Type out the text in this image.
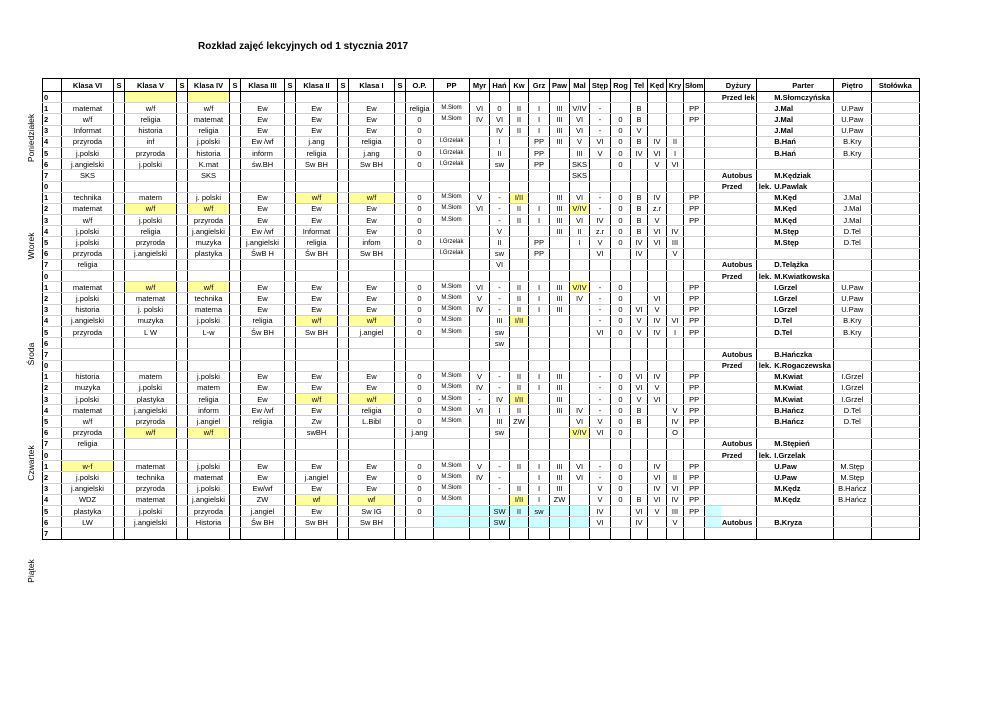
Rozkład zajęć lekcyjnych od 1 stycznia 2017
Poniedziałek
Wtorek
Środa
Czwartek
Piątek
	Klasa VI	S	Klasa V	S	Klasa IV	S	Klasa III	S	Klasa II	S	Klasa I	S	O.P.	PP	Myr	Hań	Kw	Grz	Paw	Mal	Stęp	Rog	Tel	Kęd	Kry	Słom		Dyżury		Parter	Piętro	Stołówka
0																												Przed lek		M.Słomczyńska		
1	matemat		w/f		w/f		Ew		Ew		Ew		religia	M.Słom	VI	0	II	I	III	V/IV	-		B			PP				J.Mal	U.Paw	
2	w/f		religia		matemat		Ew		Ew		Ew		0	M.Słom	IV	VI	II	I	III	VI	-	0	B			PP				J.Mal	U.Paw	
3	Informat		historia		religia		Ew		Ew		Ew		0			IV	II	I	III	VI	-	0	V							J.Mal	U.Paw	
4	przyroda		inf		j.polski		Ew /wf		j.ang		religia		0	I.Grzelak		I		PP	III	V	VI	0	B	IV	II					B.Hań	B.Kry	
5	j.polski		przyroda		historia		inform		religia		j.ang		0	I.Grzelak		II		PP		III	V	0	IV	VI	I					B.Hań	B.Kry	
6	j.angielski		j.polski		K.mat		św.BH		Sw BH		Sw BH		0	I.Grzelak		sw		PP		SKS		0		V	VI							
7	SKS				SKS															SKS								Autobus		M.Kędziak		
0																												Przed	lek.	U.Pawlak		
1	technika		matem		j. polski		Ew		w/f		w/f		0	M.Słom	V	-	I/II		III	VI	-	0	B	IV		PP				M.Kęd	J.Mal	
2	matemat		w/f		w/f		Ew		Ew		Ew		0	M.Słom	VI	-	II	I	III	V/IV	-	0	B	z.r		PP				M.Kęd	J.Mal	
3	w/f		j.polski		przyroda		Ew		Ew		Ew		0	M.Słom		-	II	I	III	VI	IV	0	B	V		PP				M.Kęd	J.Mal	
4	j.polski		religia		j.angielski		Ew /wf		Informat		Ew		0			V			III	II	z.r	0	B	VI	IV					M.Stęp	D.Tel	
5	j.polski		przyroda		muzyka		j.angielski		religia		infom		0	I.Grzelak		II		PP		I	V	0	IV	VI	III					M.Stęp	D.Tel	
6	przyroda		j.angielski		plastyka		ŚwB H		Św BH		Sw BH			I.Grzelak		sw		PP			VI		IV		V							
7	religia															VI												Autobus		D.Telążka		
0																												Przed	lek.	M.Kwiatkowska		
1	matemat		w/f		w/f		Ew		Ew		Ew		0	M.Słom	VI	-	II	I	III	V/IV	-	0				PP				I.Grzel	U.Paw	
2	j.polski		matemat		technika		Ew		Ew		Ew		0	M.Słom	V	-	II	I	III	IV	-	0		VI		PP				I.Grzel	U.Paw	
3	historia		j. polski		matema		Ew		Ew		Ew		0	M.Słom	IV	-	II	I	III		-	0	VI	V		PP				I.Grzel	U.Paw	
4	j.angielski		muzyka		j.polski		religia		w/f		w/f		0	M.Słom		III	I/II				-	0	V	IV	VI	PP				D.Tel	B.Kry	
5	przyroda		L W		L-w		Św BH		Sw BH		j.angiel		0	M.Słom		sw					VI	0	V	IV	I	PP				D.Tel	B.Kry	
6																sw																
7																												Autobus		B.Hańczka		
0																												Przed	lek.	K.Rogaczewska		
1	historia		matem		j.polski		Ew		Ew		Ew		0	M.Słom	V	-	II	I	III		-	0	VI	IV		PP				M.Kwiat	I.Grzel	
2	muzyka		j.polski		matem		Ew		Ew		Ew		0	M.Słom	IV	-	II	I	III		-	0	VI	V		PP				M.Kwiat	I.Grzel	
3	j.polski		plastyka		religia		Ew		w/f		w/f		0	M.Słom	-	IV	I/II		III		-	0	V	VI		PP				M.Kwiat	I.Grzel	
4	matemat		j.angielski		inform		Ew /wf		Ew		religia		0	M.Słom	VI	I	II		III	IV	-	0	B		V	PP				B.Hańcz	D.Tel	
5	w/f		przyroda		j.angiel		religia		Zw		L.Bibl		0	M.Słom		III	ZW			VI	V	0	B		IV	PP				B.Hańcz	D.Tel	
6	przyroda		w/f		w/f				swBH				j.ang			sw				V/IV	VI	0			O							
7	religia																											Autobus		M.Stępień		
0																												Przed	lek.	I.Grzelak		
1	w-f		matemat		j.polski		Ew		Ew		Ew		0	M.Słom	V	-	II	I	III	VI	-	0		IV		PP				U.Paw	M.Stęp	
2	j.polski		technika		matemat		Ew		j.angiel		Ew		0	M.Słom	IV	-		I	III	VI	-	0		VI	II	PP				U.Paw	M.Stęp	
3	j.angielski		przyroda		j.polski		Ew/wf		Ew		Ew		0	M.Słom		-	II	I	III		V	0		IV	VI	PP				M.Kędz	B.Hańcz	
4	WDZ		matemat		j.angielski		ZW		wf		wf		0	M.Słom			I/II	I	ZW		V	0	B	VI	IV	PP				M.Kędz	B.Hańcz	
5	plastyka		j.polski		przyroda		j.angiel		Ew		Sw IG		0			SW	II	sw			IV		VI	V	III	PP						
6	LW		j.angielski		Historia		Św BH		Sw BH		Sw BH					SW					VI		IV		V			Autobus		B.Kryza		
7																																
